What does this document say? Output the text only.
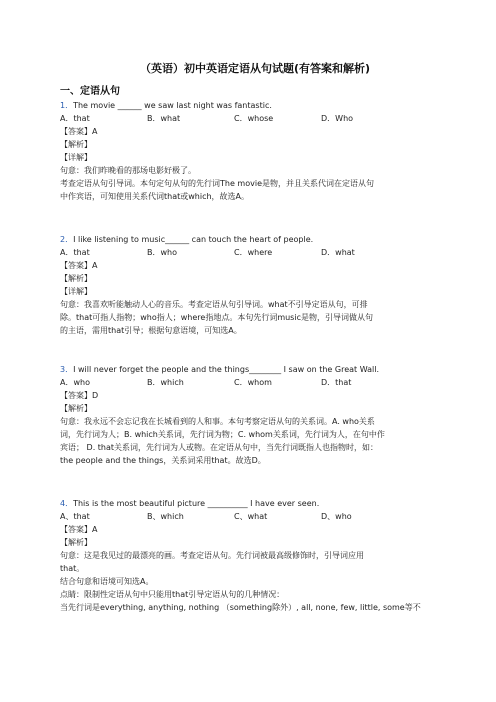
（英语）初中英语定语从句试题(有答案和解析)
一、定语从句
1．The movie ______ we saw last night was fantastic.
A．that	B．what	C．whose	D．Who
【答案】A
【解析】
【详解】
句意：我们昨晚看的那场电影好极了。
考查定语从句引导词。本句定句从句的先行词The movie是物，并且关系代词在定语从句
中作宾语，可知使用关系代词that或which，故选A。
2．I like listening to music______ can touch the heart of people.
A．that	B．who	C．where	D．what
【答案】A
【解析】
【详解】
句意：我喜欢听能触动人心的音乐。考查定语从句引导词。what不引导定语从句，可排
除。that可指人指物；who指人；where指地点。本句先行词music是物，引导词做从句
的主语，需用that引导；根据句意语境，可知选A。
3．I will never forget the people and the things________ I saw on the Great Wall.
A．who	B．which	C．whom	D．that
【答案】D
【解析】
句意：我永远不会忘记我在长城看到的人和事。本句考察定语从句的关系词。A. who关系
词，先行词为人；B. which关系词，先行词为物；C. whom关系词，先行词为人，在句中作
宾语； D. that关系词，先行词为人或物。在定语从句中，当先行词既指人也指物时，如：
the people and the things，关系词采用that。故选D。
4．This is the most beautiful picture __________ I have ever seen.
A、that	B、which	C、what	D、who
【答案】A
【解析】
句意：这是我见过的最漂亮的画。考查定语从句。先行词被最高级修饰时，引导词应用
that。
结合句意和语境可知选A。
点睛：限制性定语从句中只能用that引导定语从句的几种情况：
当先行词是everything, anything, nothing （something除外）, all, none, few, little, some等不
